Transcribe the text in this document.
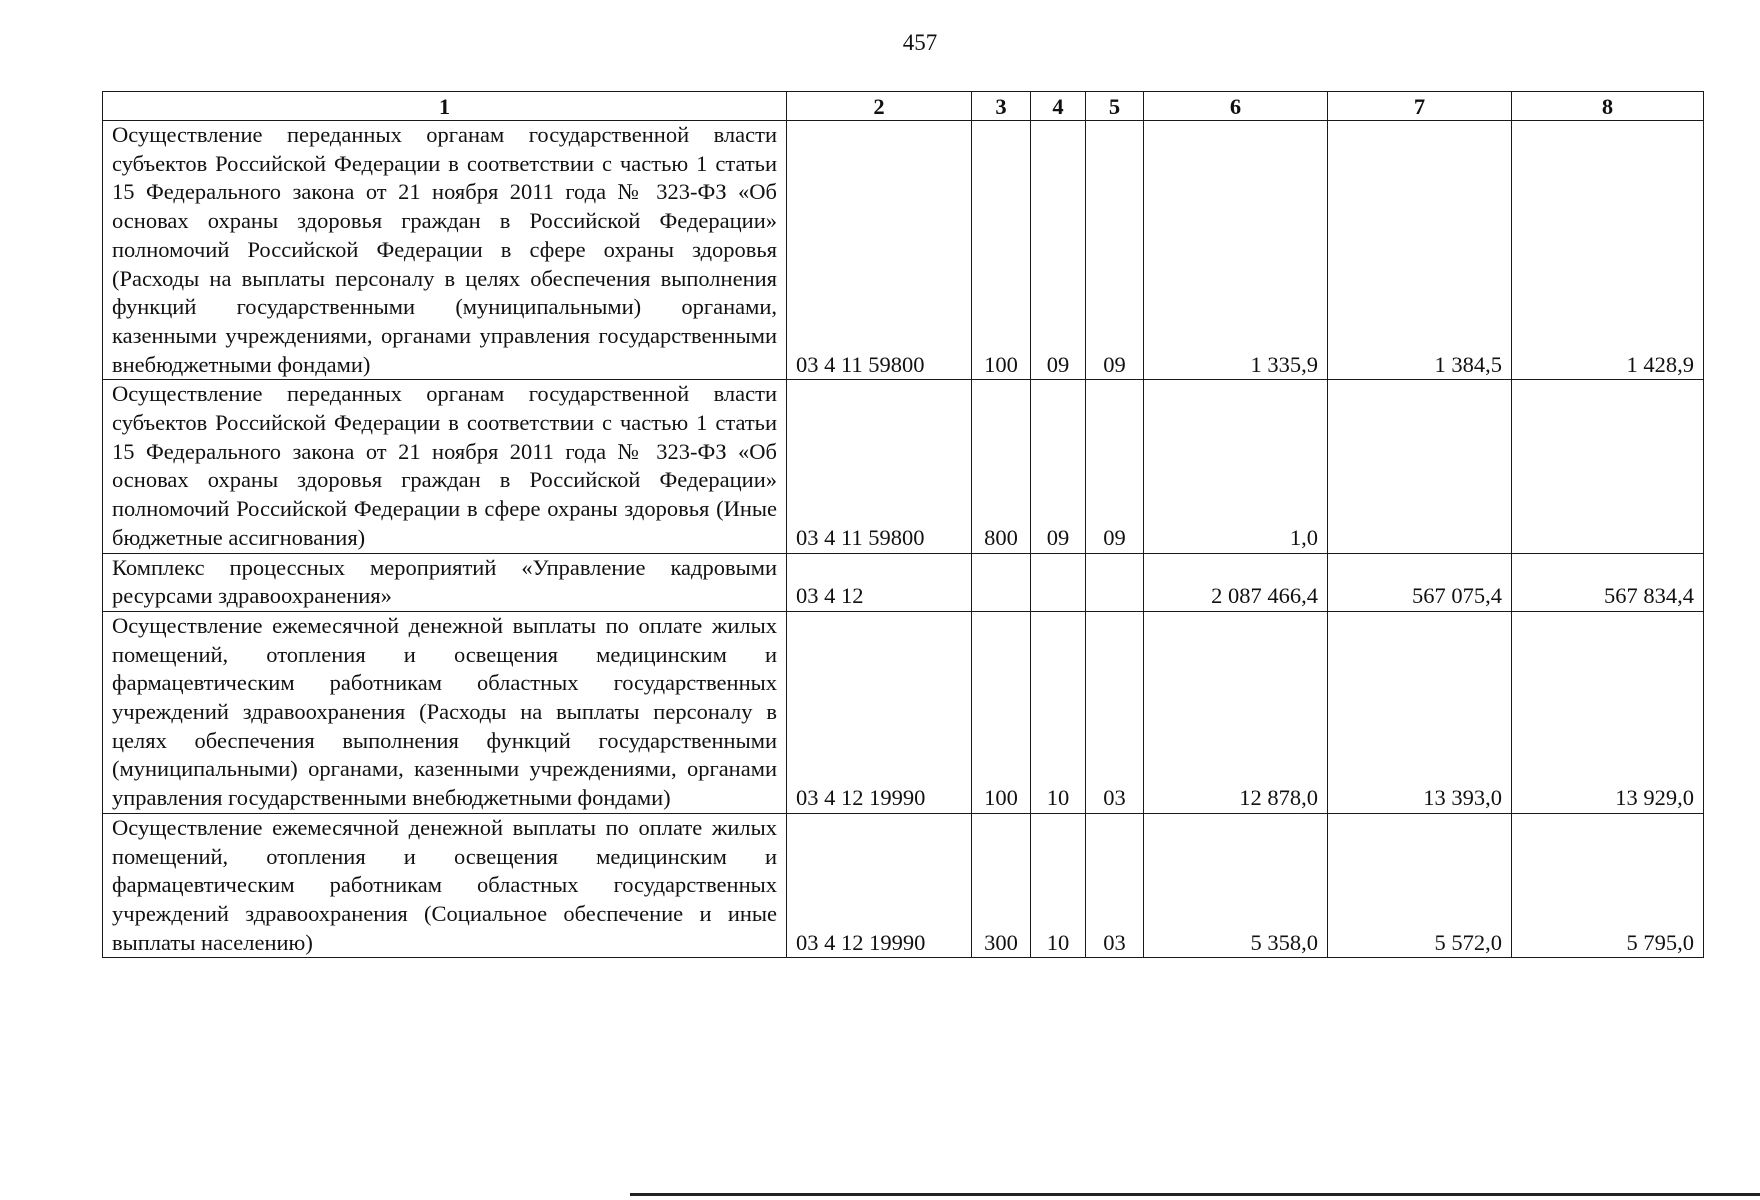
457
1	2	3	4	5	6	7	8
Осуществление переданных органам государственной власти субъектов Российской Федерации в соответствии с частью 1 статьи 15 Федерального закона от 21 ноября 2011 года № 323-ФЗ «Об основах охраны здоровья граждан в Российской Федерации» полномочий Российской Федерации в сфере охраны здоровья (Расходы на выплаты персоналу в целях обеспечения выполнения функций государственными (муниципальными) органами, казенными учреждениями, органами управления государственными внебюджетными фондами)	03 4 11 59800	100	09	09	1 335,9	1 384,5	1 428,9
Осуществление переданных органам государственной власти субъектов Российской Федерации в соответствии с частью 1 статьи 15 Федерального закона от 21 ноября 2011 года № 323-ФЗ «Об основах охраны здоровья граждан в Российской Федерации» полномочий Российской Федерации в сфере охраны здоровья (Иные бюджетные ассигнования)	03 4 11 59800	800	09	09	1,0		
Комплекс процессных мероприятий «Управление кадровыми ресурсами здравоохранения»	03 4 12				2 087 466,4	567 075,4	567 834,4
Осуществление ежемесячной денежной выплаты по оплате жилых помещений, отопления и освещения медицинским и фармацевтическим работникам областных государственных учреждений здравоохранения (Расходы на выплаты персоналу в целях обеспечения выполнения функций государственными (муниципальными) органами, казенными учреждениями, органами управления государственными внебюджетными фондами)	03 4 12 19990	100	10	03	12 878,0	13 393,0	13 929,0
Осуществление ежемесячной денежной выплаты по оплате жилых помещений, отопления и освещения медицинским и фармацевтическим работникам областных государственных учреждений здравоохранения (Социальное обеспечение и иные выплаты населению)	03 4 12 19990	300	10	03	5 358,0	5 572,0	5 795,0
